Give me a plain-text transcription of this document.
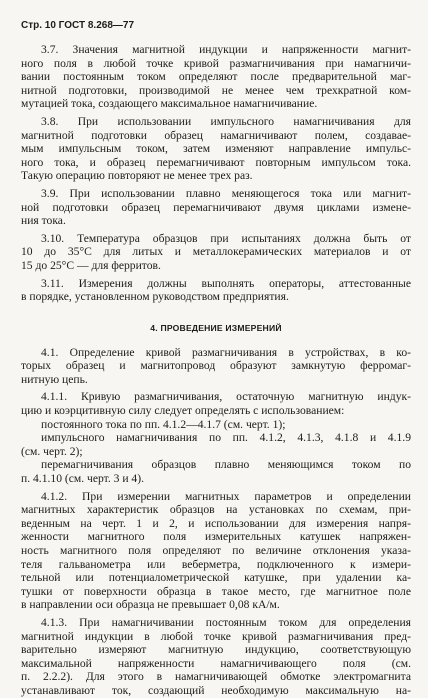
Стр. 10 ГОСТ 8.268—77
3.7. Значения магнитной индукции и напряженности магнит-
ного поля в любой точке кривой размагничивания при намагничи-
вании постоянным током определяют после предварительной маг-
нитной подготовки, производимой не менее чем трехкратной ком-
мутацией тока, создающего максимальное намагничивание.
3.8. При использовании импульсного намагничивания для
магнитной подготовки образец намагничивают полем, создавае-
мым импульсным током, затем изменяют направление импульс-
ного тока, и образец перемагничивают повторным импульсом тока.
Такую операцию повторяют не менее трех раз.
3.9. При использовании плавно меняющегося тока или магнит-
ной подготовки образец перемагничивают двумя циклами измене-
ния тока.
3.10. Температура образцов при испытаниях должна быть от
10 до 35°С для литых и металлокерамических материалов и от
15 до 25°С — для ферритов.
3.11. Измерения должны выполнять операторы, аттестованные
в порядке, установленном руководством предприятия.
4. ПРОВЕДЕНИЕ ИЗМЕРЕНИЙ
4.1. Определение кривой размагничивания в устройствах, в ко-
торых образец и магнитопровод образуют замкнутую ферромаг-
нитную цепь.
4.1.1. Кривую размагничивания, остаточную магнитную индук-
цию и коэрцитивную силу следует определять с использованием:
постоянного тока по пп. 4.1.2—4.1.7 (см. черт. 1);
импульсного намагничивания по пп. 4.1.2, 4.1.3, 4.1.8 и 4.1.9
(см. черт. 2);
перемагничивания образцов плавно меняющимся током по
п. 4.1.10 (см. черт. 3 и 4).
4.1.2. При измерении магнитных параметров и определении
магнитных характеристик образцов на установках по схемам, при-
веденным на черт. 1 и 2, и использовании для измерения напря-
женности магнитного поля измерительных катушек напряжен-
ность магнитного поля определяют по величине отклонения указа-
теля гальванометра или веберметра, подключенного к измери-
тельной или потенциалометрической катушке, при удалении ка-
тушки от поверхности образца в такое место, где магнитное поле
в направлении оси образца не превышает 0,08 кА/м.
4.1.3. При намагничивании постоянным током для определения
магнитной индукции в любой точке кривой размагничивания пред-
варительно измеряют магнитную индукцию, соответствующую
максимальной напряженности намагничивающего поля (см.
п. 2.2.2). Для этого в намагничивающей обмотке электромагнита
устанавливают ток, создающий необходимую максимальную на-
